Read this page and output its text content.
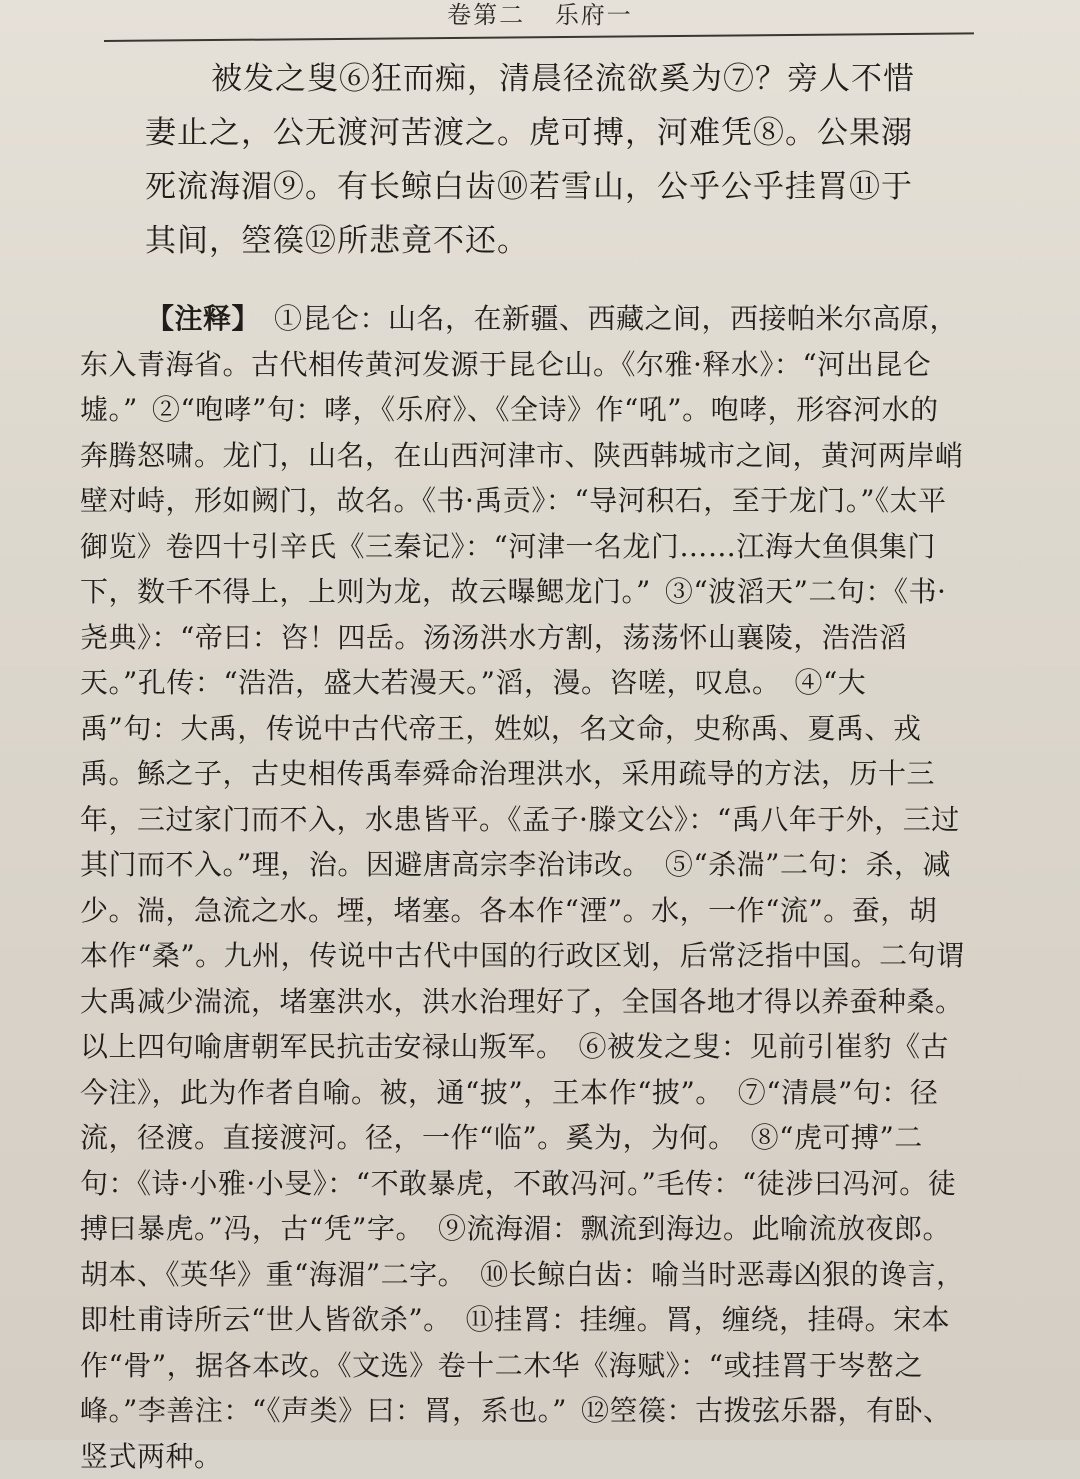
卷第二 乐府一

被发之叟⑥狂而痴，清晨径流欲奚为⑦？旁人不惜妻止之，公无渡河苦渡之。虎可搏，河难凭⑧。公果溺死流海湄⑨。有长鲸白齿⑩若雪山，公乎公乎挂罥⑪于其间，箜篌⑫所悲竟不还。

【注释】 ①昆仑：山名，在新疆、西藏之间，西接帕米尔高原，东入青海省。古代相传黄河发源于昆仑山。《尔雅·释水》：“河出昆仑墟。” ②“咆哮”句：哮，《乐府》、《全诗》作“吼”。咆哮，形容河水的奔腾怒啸。龙门，山名，在山西河津市、陕西韩城市之间，黄河两岸峭壁对峙，形如阙门，故名。《书·禹贡》：“导河积石，至于龙门。”《太平御览》卷四十引辛氏《三秦记》：“河津一名龙门……江海大鱼俱集门下，数千不得上，上则为龙，故云曝鳃龙门。” ③“波滔天”二句：《书·尧典》：“帝曰：咨！四岳。汤汤洪水方割，荡荡怀山襄陵，浩浩滔天。”孔传：“浩浩，盛大若漫天。”滔，漫。咨嗟，叹息。 ④“大禹”句：大禹，传说中古代帝王，姓姒，名文命，史称禹、夏禹、戎禹。鲧之子，古史相传禹奉舜命治理洪水，采用疏导的方法，历十三年，三过家门而不入，水患皆平。《孟子·滕文公》：“禹八年于外，三过其门而不入。”理，治。因避唐高宗李治讳改。 ⑤“杀湍”二句：杀，减少。湍，急流之水。堙，堵塞。各本作“湮”。水，一作“流”。蚕，胡本作“桑”。九州，传说中古代中国的行政区划，后常泛指中国。二句谓大禹减少湍流，堵塞洪水，洪水治理好了，全国各地才得以养蚕种桑。以上四句喻唐朝军民抗击安禄山叛军。 ⑥被发之叟：见前引崔豹《古今注》，此为作者自喻。被，通“披”，王本作“披”。 ⑦“清晨”句：径流，径渡。直接渡河。径，一作“临”。奚为，为何。 ⑧“虎可搏”二句：《诗·小雅·小旻》：“不敢暴虎，不敢冯河。”毛传：“徒涉曰冯河。徒搏曰暴虎。”冯，古“凭”字。 ⑨流海湄：飘流到海边。此喻流放夜郎。胡本、《英华》重“海湄”二字。 ⑩长鲸白齿：喻当时恶毒凶狠的谗言，即杜甫诗所云“世人皆欲杀”。 ⑪挂罥：挂缠。罥，缠绕，挂碍。宋本作“骨”，据各本改。《文选》卷十二木华《海赋》：“或挂罥于岑嶅之峰。”李善注：“《声类》曰：罥，系也。” ⑫箜篌：古拨弦乐器，有卧、竖式两种。
